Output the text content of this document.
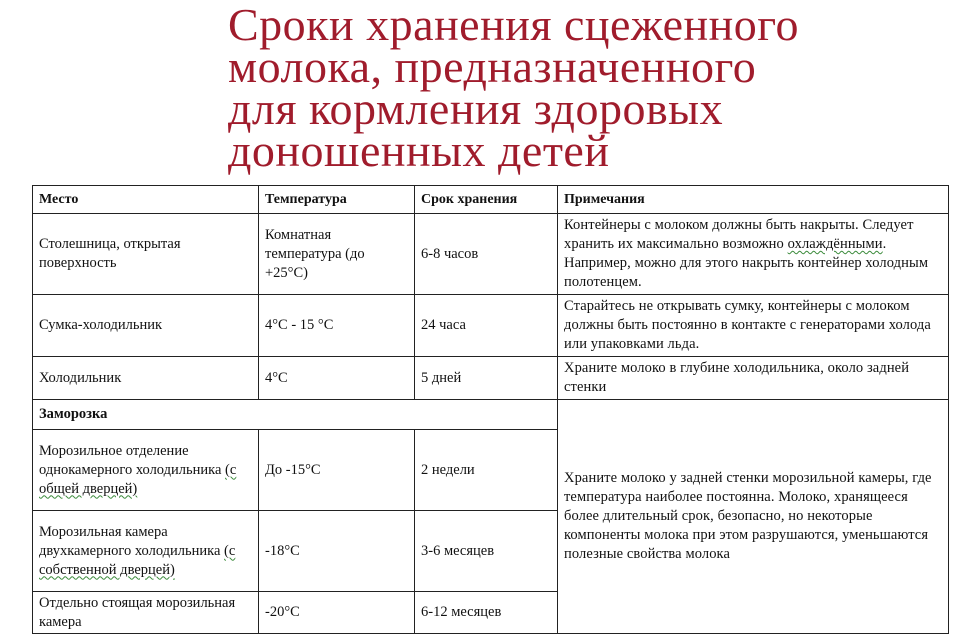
Сроки хранения сцеженного
молока, предназначенного
для кормления здоровых
доношенных детей
Место	Температура	Срок хранения	Примечания
Столешница, открытая поверхность	Комнатная температура (до +25°C)	6-8 часов	Контейнеры с молоком должны быть накрыты. Следует хранить их максимально возможно охлаждёнными. Например, можно для этого накрыть контейнер холодным полотенцем.
Сумка-холодильник	4°C - 15 °C	24 часа	Старайтесь не открывать сумку, контейнеры с молоком должны быть постоянно в контакте с генераторами холода или упаковками льда.
Холодильник	4°C	5 дней	Храните молоко в глубине холодильника, около задней стенки
Заморозка			Храните молоко у задней стенки морозильной камеры, где температура наиболее постоянна. Молоко, хранящееся более длительный срок, безопасно, но некоторые компоненты молока при этом разрушаются, уменьшаются полезные свойства молока
Морозильное отделение однокамерного холодильника (с общей дверцей)	До -15°C	2 недели	
Морозильная камера двухкамерного холодильника (с собственной дверцей)	-18°C	3-6 месяцев	
Отдельно стоящая морозильная камера	-20°C	6-12 месяцев	
